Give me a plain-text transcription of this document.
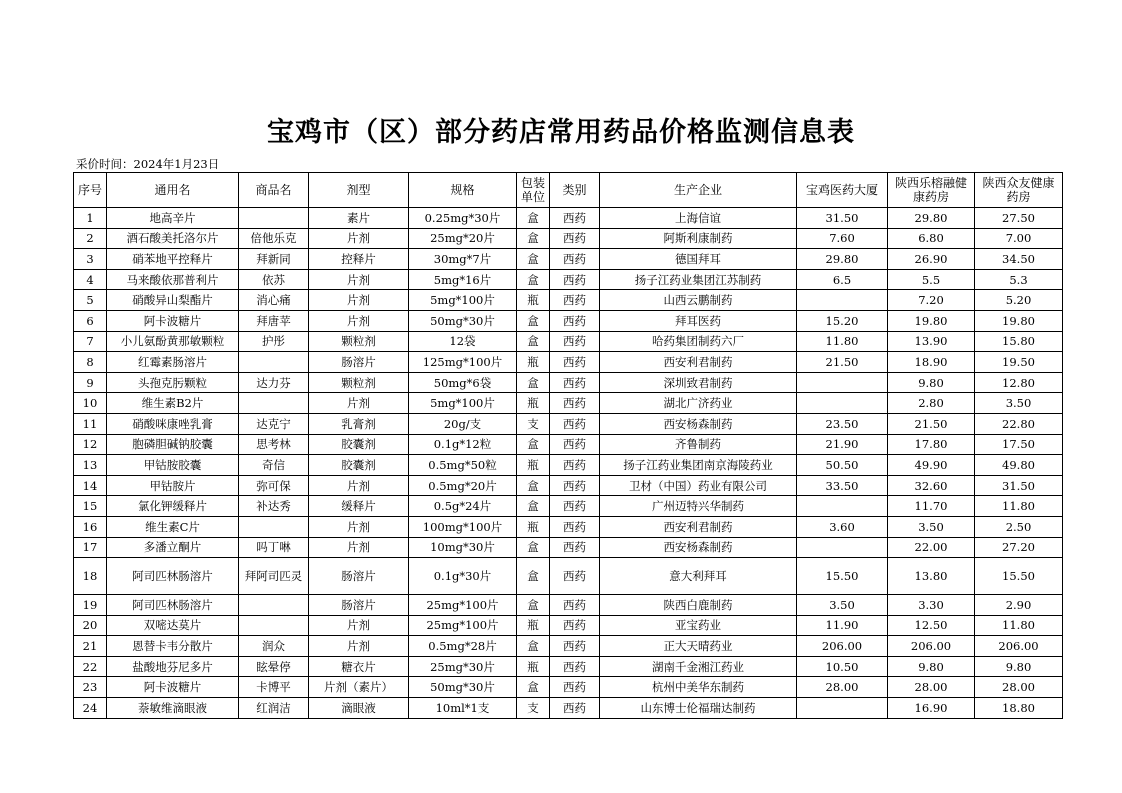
宝鸡市（区）部分药店常用药品价格监测信息表
采价时间：2024年1月23日
序号	通用名	商品名	剂型	规格	包装单位	类别	生产企业	宝鸡医药大厦	陕西乐榕融健康药房	陕西众友健康药房
1	地高辛片		素片	0.25mg*30片	盒	西药	上海信谊	31.50	29.80	27.50
2	酒石酸美托洛尔片	倍他乐克	片剂	25mg*20片	盒	西药	阿斯利康制药	7.60	6.80	7.00
3	硝苯地平控释片	拜新同	控释片	30mg*7片	盒	西药	德国拜耳	29.80	26.90	34.50
4	马来酸依那普利片	依苏	片剂	5mg*16片	盒	西药	扬子江药业集团江苏制药	6.5	5.5	5.3
5	硝酸异山梨酯片	消心痛	片剂	5mg*100片	瓶	西药	山西云鹏制药		7.20	5.20
6	阿卡波糖片	拜唐苹	片剂	50mg*30片	盒	西药	拜耳医药	15.20	19.80	19.80
7	小儿氨酚黄那敏颗粒	护彤	颗粒剂	12袋	盒	西药	哈药集团制药六厂	11.80	13.90	15.80
8	红霉素肠溶片		肠溶片	125mg*100片	瓶	西药	西安利君制药	21.50	18.90	19.50
9	头孢克肟颗粒	达力芬	颗粒剂	50mg*6袋	盒	西药	深圳致君制药		9.80	12.80
10	维生素B2片		片剂	5mg*100片	瓶	西药	湖北广济药业		2.80	3.50
11	硝酸咪康唑乳膏	达克宁	乳膏剂	20g/支	支	西药	西安杨森制药	23.50	21.50	22.80
12	胞磷胆碱钠胶囊	思考林	胶囊剂	0.1g*12粒	盒	西药	齐鲁制药	21.90	17.80	17.50
13	甲钴胺胶囊	奇信	胶囊剂	0.5mg*50粒	瓶	西药	扬子江药业集团南京海陵药业	50.50	49.90	49.80
14	甲钴胺片	弥可保	片剂	0.5mg*20片	盒	西药	卫材（中国）药业有限公司	33.50	32.60	31.50
15	氯化钾缓释片	补达秀	缓释片	0.5g*24片	盒	西药	广州迈特兴华制药		11.70	11.80
16	维生素C片		片剂	100mg*100片	瓶	西药	西安利君制药	3.60	3.50	2.50
17	多潘立酮片	吗丁啉	片剂	10mg*30片	盒	西药	西安杨森制药		22.00	27.20
18	阿司匹林肠溶片	拜阿司匹灵	肠溶片	0.1g*30片	盒	西药	意大利拜耳	15.50	13.80	15.50
19	阿司匹林肠溶片		肠溶片	25mg*100片	盒	西药	陕西白鹿制药	3.50	3.30	2.90
20	双嘧达莫片		片剂	25mg*100片	瓶	西药	亚宝药业	11.90	12.50	11.80
21	恩替卡韦分散片	润众	片剂	0.5mg*28片	盒	西药	正大天晴药业	206.00	206.00	206.00
22	盐酸地芬尼多片	眩晕停	糖衣片	25mg*30片	瓶	西药	湖南千金湘江药业	10.50	9.80	9.80
23	阿卡波糖片	卡博平	片剂（素片）	50mg*30片	盒	西药	杭州中美华东制药	28.00	28.00	28.00
24	萘敏维滴眼液	红润洁	滴眼液	10ml*1支	支	西药	山东博士伦福瑞达制药		16.90	18.80
